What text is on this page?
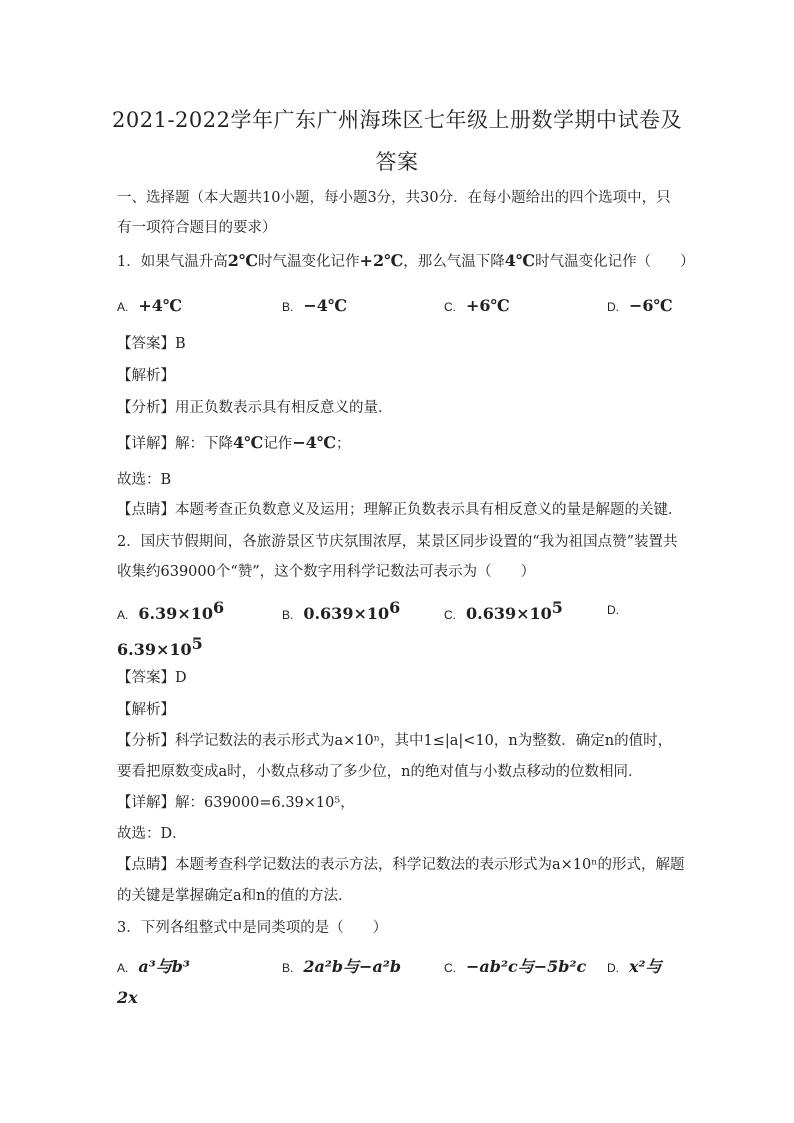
2021-2022学年广东广州海珠区七年级上册数学期中试卷及
答案
一、选择题（本大题共10小题，每小题3分，共30分．在每小题给出的四个选项中，只
有一项符合题目的要求）
1．如果气温升高2℃时气温变化记作+2℃，那么气温下降4℃时气温变化记作（　　）
A. +4℃	B. −4℃	C. +6℃	D. −6℃
【答案】B
【解析】
【分析】用正负数表示具有相反意义的量．
【详解】解：下降4℃记作−4℃；
故选：B
【点睛】本题考查正负数意义及运用；理解正负数表示具有相反意义的量是解题的关键．
2．国庆节假期间，各旅游景区节庆氛围浓厚，某景区同步设置的“我为祖国点赞”装置共
收集约639000个“赞”，这个数字用科学记数法可表示为（　　）
A. $6.39\times 10^6$	B. $0.639\times 10^6$	C. $0.639\times 10^5$	D.
$6.39\times 10^5$
【答案】D
【解析】
【分析】科学记数法的表示形式为a×10ⁿ，其中1≤|a|<10，n为整数．确定n的值时，
要看把原数变成a时，小数点移动了多少位，n的绝对值与小数点移动的位数相同．
【详解】解：639000=6.39×10⁵，
故选：D．
【点睛】本题考查科学记数法的表示方法，科学记数法的表示形式为a×10ⁿ的形式，解题
的关键是掌握确定a和n的值的方法．
3．下列各组整式中是同类项的是（　　）
A. a³与b³	B. 2a²b与−a²b	C. −ab²c与−5b²c D. x²与
2x
